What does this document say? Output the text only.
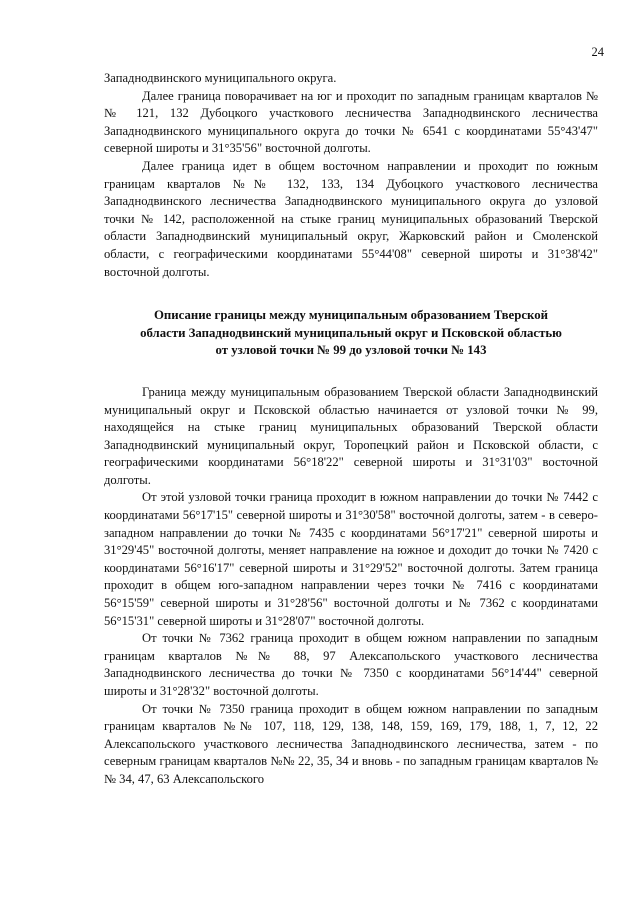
24

Западнодвинского муниципального округа.

Далее граница поворачивает на юг и проходит по западным границам кварталов №№ 121, 132 Дубоцкого участкового лесничества Западнодвинского лесничества Западнодвинского муниципального округа до точки № 6541 с координатами 55°43'47" северной широты и 31°35'56" восточной долготы.

Далее граница идет в общем восточном направлении и проходит по южным границам кварталов №№ 132, 133, 134 Дубоцкого участкового лесничества Западнодвинского лесничества Западнодвинского муниципального округа до узловой точки № 142, расположенной на стыке границ муниципальных образований Тверской области Западнодвинский муниципальный округ, Жарковский район и Смоленской области, с географическими координатами 55°44'08" северной широты и 31°38'42" восточной долготы.

Описание границы между муниципальным образованием Тверской
области Западнодвинский муниципальный округ и Псковской областью
от узловой точки № 99 до узловой точки № 143

Граница между муниципальным образованием Тверской области Западнодвинский муниципальный округ и Псковской областью начинается от узловой точки № 99, находящейся на стыке границ муниципальных образований Тверской области Западнодвинский муниципальный округ, Торопецкий район и Псковской области, с географическими координатами 56°18'22" северной широты и 31°31'03" восточной долготы.

От этой узловой точки граница проходит в южном направлении до точки № 7442 с координатами 56°17'15" северной широты и 31°30'58" восточной долготы, затем - в северо-западном направлении до точки № 7435 с координатами 56°17'21" северной широты и 31°29'45" восточной долготы, меняет направление на южное и доходит до точки № 7420 с координатами 56°16'17" северной широты и 31°29'52" восточной долготы. Затем граница проходит в общем юго-западном направлении через точки № 7416 с координатами 56°15'59" северной широты и 31°28'56" восточной долготы и № 7362 с координатами 56°15'31" северной широты и 31°28'07" восточной долготы.

От точки № 7362 граница проходит в общем южном направлении по западным границам кварталов №№ 88, 97 Алексапольского участкового лесничества Западнодвинского лесничества до точки № 7350 с координатами 56°14'44" северной широты и 31°28'32" восточной долготы.

От точки № 7350 граница проходит в общем южном направлении по западным границам кварталов №№ 107, 118, 129, 138, 148, 159, 169, 179, 188, 1, 7, 12, 22 Алексапольского участкового лесничества Западнодвинского лесничества, затем - по северным границам кварталов №№ 22, 35, 34 и вновь - по западным границам кварталов №№ 34, 47, 63 Алексапольского
